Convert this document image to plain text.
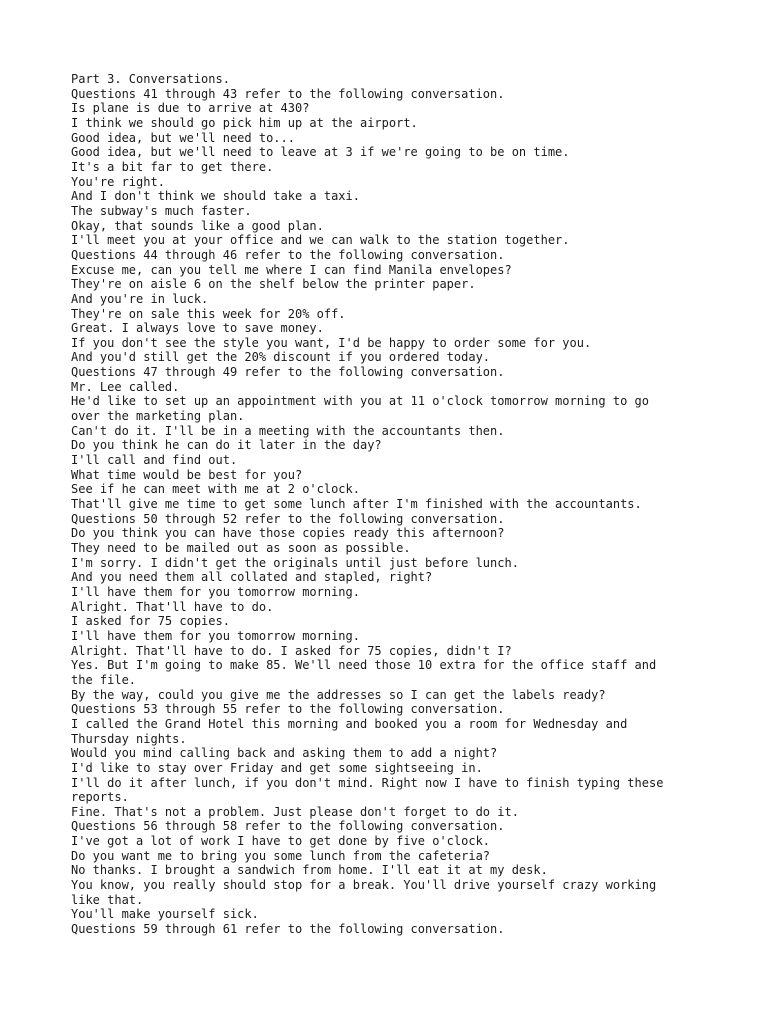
Part 3. Conversations.
Questions 41 through 43 refer to the following conversation.
Is plane is due to arrive at 430?
I think we should go pick him up at the airport.
Good idea, but we'll need to...
Good idea, but we'll need to leave at 3 if we're going to be on time.
It's a bit far to get there.
You're right.
And I don't think we should take a taxi.
The subway's much faster.
Okay, that sounds like a good plan.
I'll meet you at your office and we can walk to the station together.
Questions 44 through 46 refer to the following conversation.
Excuse me, can you tell me where I can find Manila envelopes?
They're on aisle 6 on the shelf below the printer paper.
And you're in luck.
They're on sale this week for 20% off.
Great. I always love to save money.
If you don't see the style you want, I'd be happy to order some for you.
And you'd still get the 20% discount if you ordered today.
Questions 47 through 49 refer to the following conversation.
Mr. Lee called.
He'd like to set up an appointment with you at 11 o'clock tomorrow morning to go
over the marketing plan.
Can't do it. I'll be in a meeting with the accountants then.
Do you think he can do it later in the day?
I'll call and find out.
What time would be best for you?
See if he can meet with me at 2 o'clock.
That'll give me time to get some lunch after I'm finished with the accountants.
Questions 50 through 52 refer to the following conversation.
Do you think you can have those copies ready this afternoon?
They need to be mailed out as soon as possible.
I'm sorry. I didn't get the originals until just before lunch.
And you need them all collated and stapled, right?
I'll have them for you tomorrow morning.
Alright. That'll have to do.
I asked for 75 copies.
I'll have them for you tomorrow morning.
Alright. That'll have to do. I asked for 75 copies, didn't I?
Yes. But I'm going to make 85. We'll need those 10 extra for the office staff and
the file.
By the way, could you give me the addresses so I can get the labels ready?
Questions 53 through 55 refer to the following conversation.
I called the Grand Hotel this morning and booked you a room for Wednesday and
Thursday nights.
Would you mind calling back and asking them to add a night?
I'd like to stay over Friday and get some sightseeing in.
I'll do it after lunch, if you don't mind. Right now I have to finish typing these
reports.
Fine. That's not a problem. Just please don't forget to do it.
Questions 56 through 58 refer to the following conversation.
I've got a lot of work I have to get done by five o'clock.
Do you want me to bring you some lunch from the cafeteria?
No thanks. I brought a sandwich from home. I'll eat it at my desk.
You know, you really should stop for a break. You'll drive yourself crazy working
like that.
You'll make yourself sick.
Questions 59 through 61 refer to the following conversation.
